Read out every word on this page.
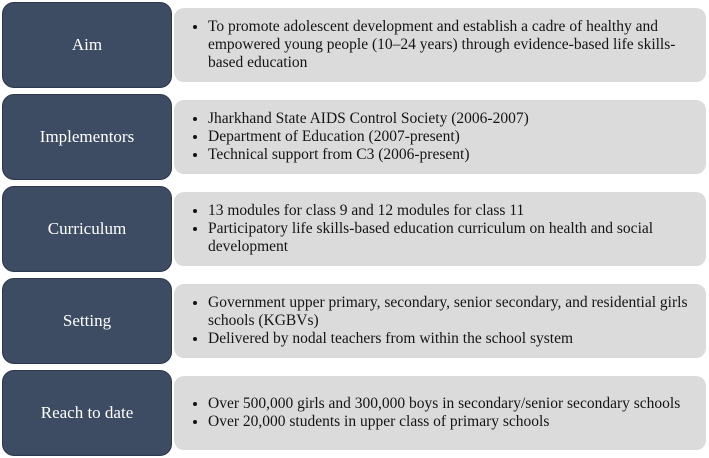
Aim
• To promote adolescent development and establish a cadre of healthy and empowered young people (10–24 years) through evidence-based life skills-based education
Implementors
• Jharkhand State AIDS Control Society (2006-2007)
• Department of Education (2007-present)
• Technical support from C3 (2006-present)
Curriculum
• 13 modules for class 9 and 12 modules for class 11
• Participatory life skills-based education curriculum on health and social development
Setting
• Government upper primary, secondary, senior secondary, and residential girls schools (KGBVs)
• Delivered by nodal teachers from within the school system
Reach to date	• Over 500,000 girls and 300,000 boys in secondary/senior secondary schools
• Over 20,000 students in upper class of primary schools
